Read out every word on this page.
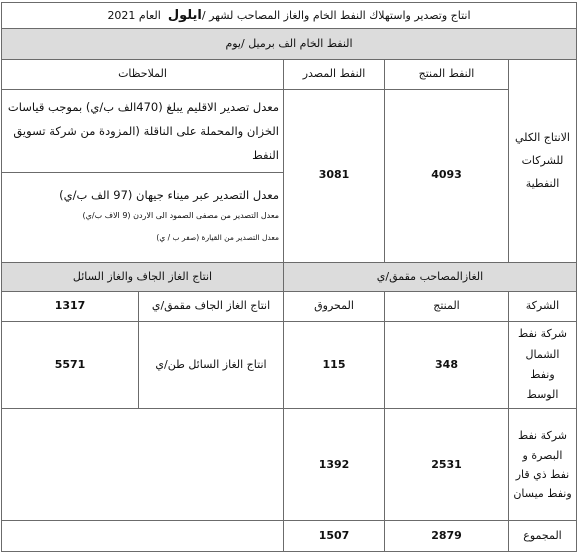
انتاج وتصدير واستهلاك النفط الخام والغاز المصاحب لشهر /ايلول  العام 2021				
النفط الخام الف برميل /يوم				
الانتاج الكلي للشركات النفطية	النفط المنتج	النفط المصدر	الملاحظات	
	4093	3081	معدل تصدير الاقليم يبلغ (470الف ب/ي) بموجب قياسات الخزان والمحملة على الناقلة (المزودة من شركة تسويق النفط	

			معدل التصدير عبر ميناء جيهان (97 الف ب/ي)

معدل التصدير من مصفى الصمود الى الاردن (9 الاف ب/ي)

معدل التصدير من القيارة (صفر ب / ي)	

الغازالمصاحب مقمق/ي			انتاج الغاز الجاف والغاز السائل	
الشركة	المنتج	المحروق	انتاج الغاز الجاف مقمق/ي	1317
شركة نفط الشمال ونفط الوسط	348	115	انتاج الغاز السائل طن/ي	5571
شركة نفط البصرة و نفط ذي قار ونفط ميسان	2531	1392		
المجموع	2879	1507		
